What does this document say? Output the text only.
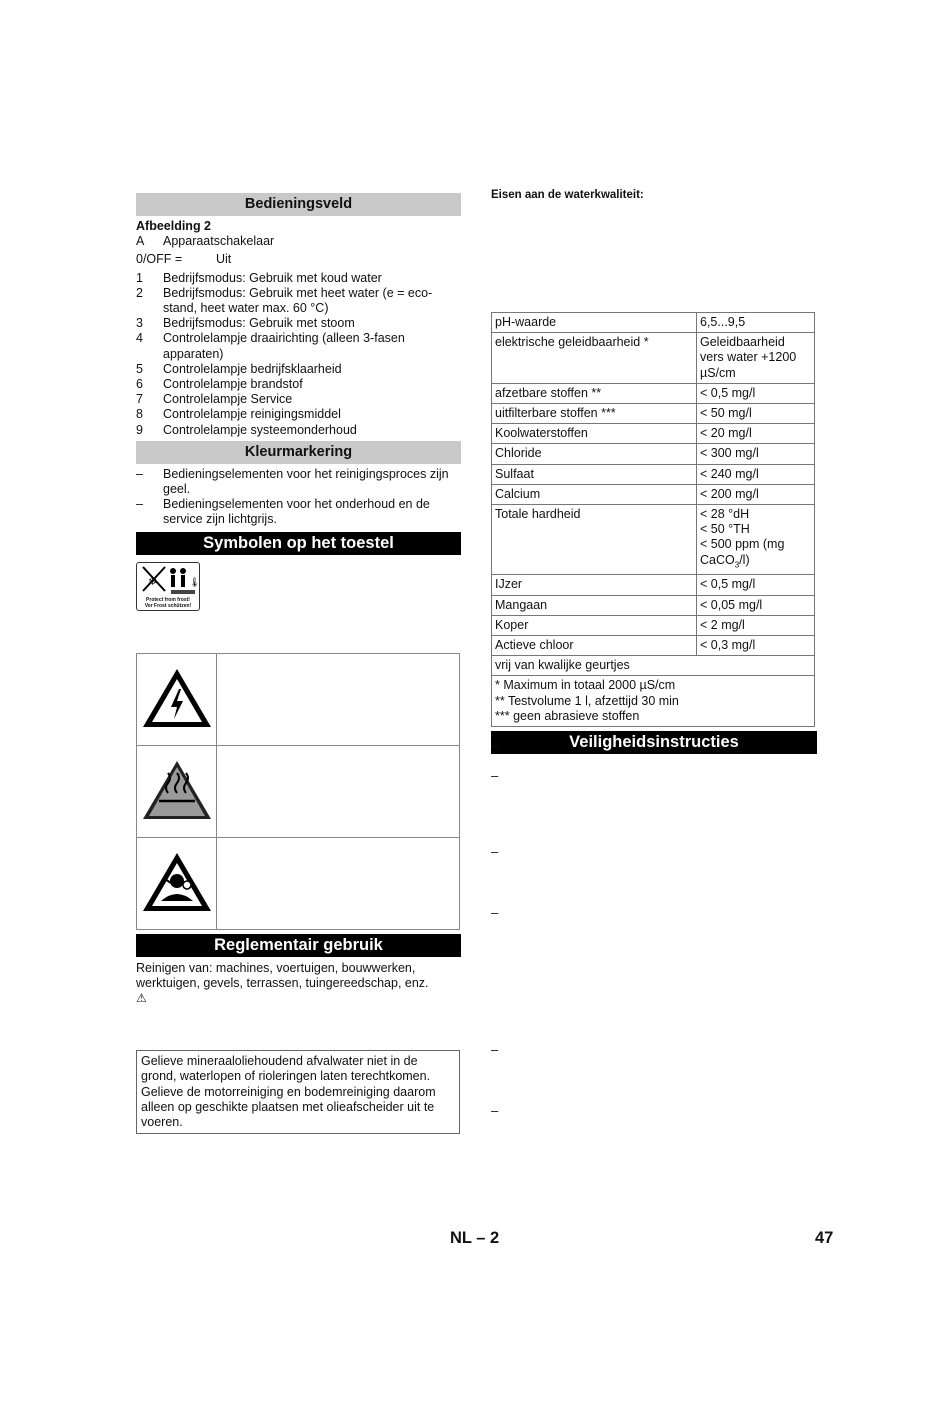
Bedieningsveld
Afbeelding 2
A	Apparaatschakelaar
0/OFF =	Uit
1	Bedrijfsmodus: Gebruik met koud water
2	Bedrijfsmodus: Gebruik met heet water (e = eco-stand, heet water max. 60 °C)
3	Bedrijfsmodus: Gebruik met stoom
4	Controlelampje draairichting (alleen 3-fasen apparaten)
5	Controlelampje bedrijfsklaarheid
6	Controlelampje brandstof
7	Controlelampje Service
8	Controlelampje reinigingsmiddel
9	Controlelampje systeemonderhoud
Kleurmarkering
–	Bedieningselementen voor het reinigingsproces zijn geel.
–	Bedieningselementen voor het onderhoud en de service zijn lichtgrijs.
Symbolen op het toestel
❄	🌡
Protect from frost!
Vor Frost schützen!

Reglementair gebruik
Reinigen van: machines, voertuigen, bouwwerken, werktuigen, gevels, terrassen, tuingereedschap, enz.
⚠
Gelieve mineraaloliehoudend afvalwater niet in de grond, waterlopen of rioleringen laten terechtkomen. Gelieve de motorreiniging en bodemreiniging daarom alleen op geschikte plaatsen met olieafscheider uit te voeren.
Eisen aan de waterkwaliteit:
pH-waarde	6,5...9,5
elektrische geleidbaarheid *	Geleidbaarheid vers water +1200 µS/cm
afzetbare stoffen **	< 0,5 mg/l
uitfilterbare stoffen ***	< 50 mg/l
Koolwaterstoffen	< 20 mg/l
Chloride	< 300 mg/l
Sulfaat	< 240 mg/l
Calcium	< 200 mg/l
Totale hardheid	< 28 °dH
< 50 °TH
< 500 ppm (mg
CaCO$_3$/l)
IJzer	< 0,5 mg/l
Mangaan	< 0,05 mg/l
Koper	< 2 mg/l
Actieve chloor	< 0,3 mg/l
vrij van kwalijke geurtjes	

* Maximum in totaal 2000 µS/cm
** Testvolume 1 l, afzettijd 30 min
*** geen abrasieve stoffen	
Veiligheidsinstructies
–
–
–
–
–
–
NL – 2	47
